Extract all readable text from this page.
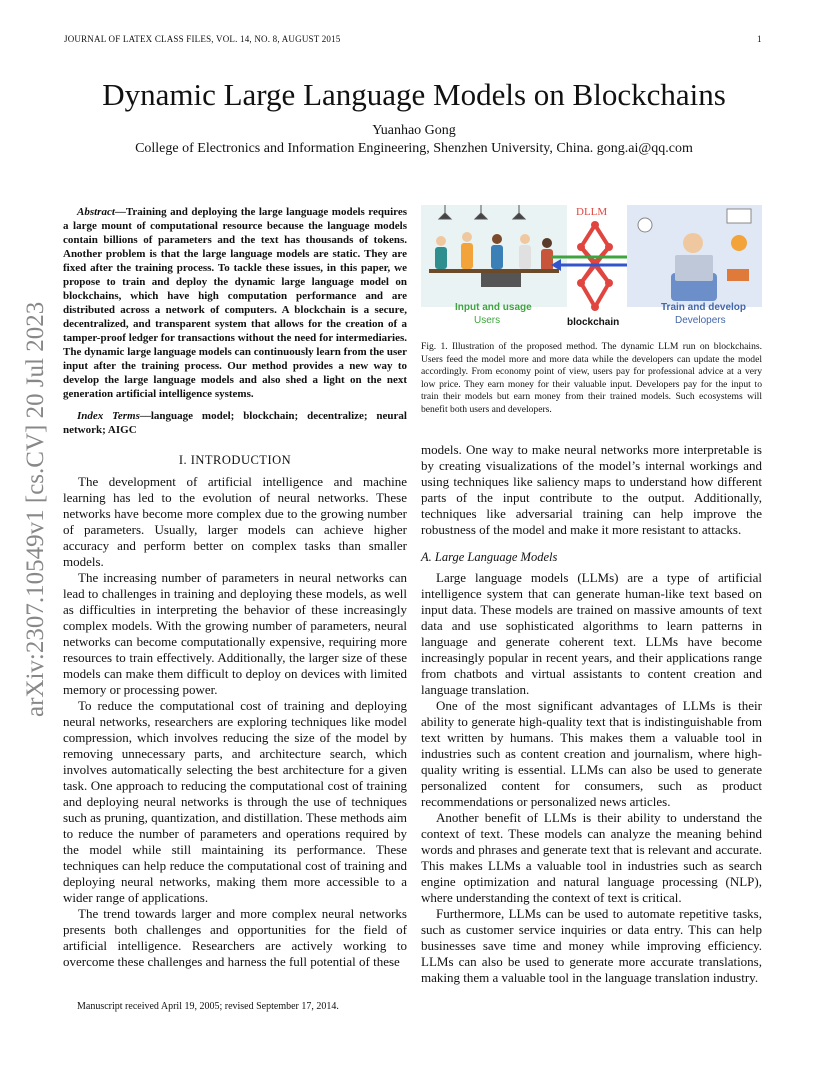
JOURNAL OF LATEX CLASS FILES, VOL. 14, NO. 8, AUGUST 2015	1
Dynamic Large Language Models on Blockchains
Yuanhao Gong
College of Electronics and Information Engineering, Shenzhen University, China. gong.ai@qq.com
arXiv:2307.10549v1 [cs.CV] 20 Jul 2023

Abstract—Training and deploying the large language models requires a large mount of computational resource because the language models contain billions of parameters and the text has thousands of tokens. Another problem is that the large language models are static. They are fixed after the training process. To tackle these issues, in this paper, we propose to train and deploy the dynamic large language model on blockchains, which have high computation performance and are distributed across a network of computers. A blockchain is a secure, decentralized, and transparent system that allows for the creation of a tamper-proof ledger for transactions without the need for intermediaries. The dynamic large language models can continuously learn from the user input after the training process. Our method provides a new way to develop the large language models and also shed a light on the next generation artificial intelligence systems.

Index Terms—language model; blockchain; decentralize; neural network; AIGC

I. INTRODUCTION

The development of artificial intelligence and machine learning has led to the evolution of neural networks. These networks have become more complex due to the growing number of parameters. Usually, larger models can achieve higher accuracy and perform better on complex tasks than smaller models.

The increasing number of parameters in neural networks can lead to challenges in training and deploying these models, as well as difficulties in interpreting the behavior of these increasingly complex models. With the growing number of parameters, neural networks can become computationally expensive, requiring more resources to train effectively. Additionally, the larger size of these models can make them difficult to deploy on devices with limited memory or processing power.

To reduce the computational cost of training and deploying neural networks, researchers are exploring techniques like model compression, which involves reducing the size of the model by removing unnecessary parts, and architecture search, which involves automatically selecting the best architecture for a given task. One approach to reducing the computational cost of training and deploying neural networks is through the use of techniques such as pruning, quantization, and distillation. These methods aim to reduce the number of parameters and operations required by the model while still maintaining its performance. These techniques can help reduce the computational cost of training and deploying neural networks, making them more accessible to a wider range of applications.

The trend towards larger and more complex neural networks presents both challenges and opportunities for the field of artificial intelligence. Researchers are actively working to overcome these challenges and harness the full potential of these

Manuscript received April 19, 2005; revised September 17, 2014.
Input and usage
Users
DLLM
blockchain
Train and develop
Developers
Fig. 1. Illustration of the proposed method. The dynamic LLM run on blockchains. Users feed the model more and more data while the developers can update the model accordingly. From economy point of view, users pay for professional advice at a very low price. They earn money for their valuable input. Developers pay for the input to train their models but earn money from their trained models. Such ecosystems will benefit both users and developers.

models. One way to make neural networks more interpretable is by creating visualizations of the model’s internal workings and using techniques like saliency maps to understand how different parts of the input contribute to the output. Additionally, techniques like adversarial training can help improve the robustness of the model and make it more resistant to attacks.

A. Large Language Models

Large language models (LLMs) are a type of artificial intelligence system that can generate human-like text based on input data. These models are trained on massive amounts of text data and use sophisticated algorithms to learn patterns in language and generate coherent text. LLMs have become increasingly popular in recent years, and their applications range from chatbots and virtual assistants to content creation and language translation.

One of the most significant advantages of LLMs is their ability to generate high-quality text that is indistinguishable from text written by humans. This makes them a valuable tool in industries such as content creation and journalism, where high-quality writing is essential. LLMs can also be used to generate personalized content for consumers, such as product recommendations or personalized news articles.

Another benefit of LLMs is their ability to understand the context of text. These models can analyze the meaning behind words and phrases and generate text that is relevant and accurate. This makes LLMs a valuable tool in industries such as search engine optimization and natural language processing (NLP), where understanding the context of text is critical.

Furthermore, LLMs can be used to automate repetitive tasks, such as customer service inquiries or data entry. This can help businesses save time and money while improving efficiency. LLMs can also be used to generate more accurate translations, making them a valuable tool in the language translation industry.
